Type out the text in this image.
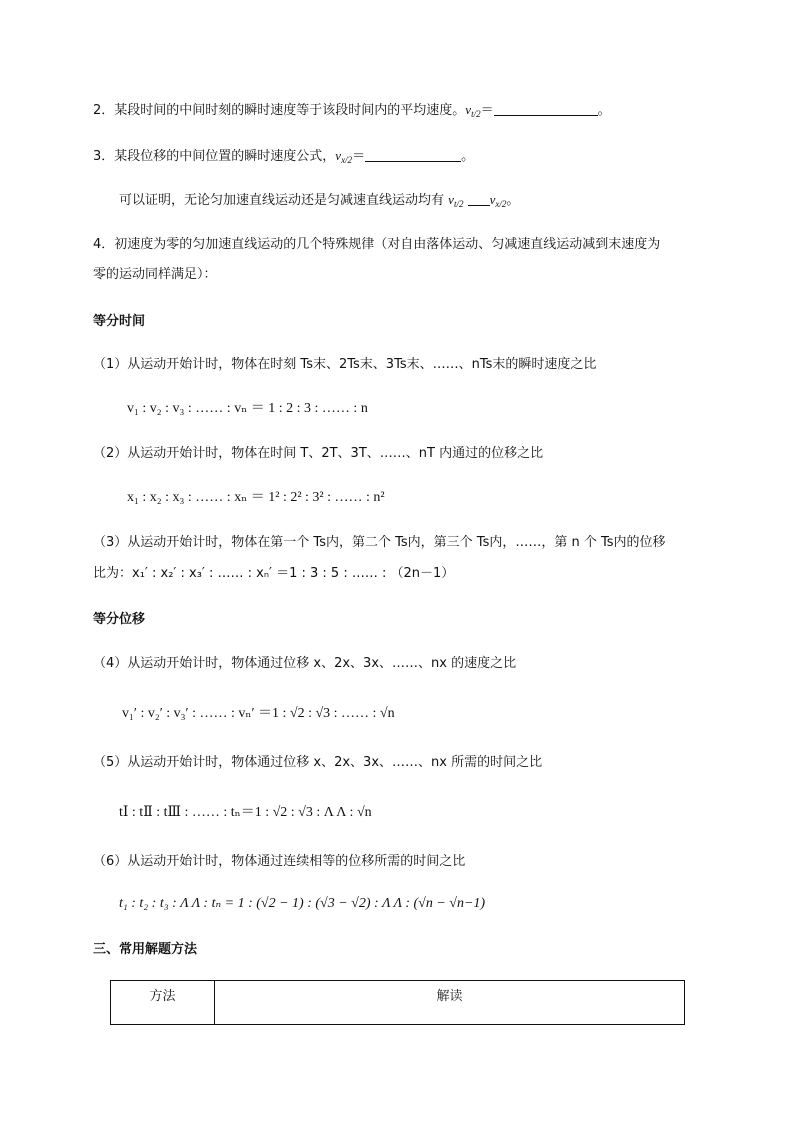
2．某段时间的中间时刻的瞬时速度等于该段时间内的平均速度。$v_{t/2}=$	。
3．某段位移的中间位置的瞬时速度公式，$v_{x/2}=$	。
可以证明，无论匀加速直线运动还是匀减速直线运动均有 $v_{t/2}$ $v_{x/2}$。
4．初速度为零的匀加速直线运动的几个特殊规律（对自由落体运动、匀减速直线运动减到末速度为
零的运动同样满足）：
等分时间
（1）从运动开始计时，物体在时刻 Ts末、2Ts末、3Ts末、……、nTs末的瞬时速度之比
v₁ : v₂ : v₃ : …… : vₙ ＝ 1 : 2 : 3 : …… : n
（2）从运动开始计时，物体在时间 T、2T、3T、……、nT 内通过的位移之比
x₁ : x₂ : x₃ : …… : xₙ ＝ 1² : 2² : 3² : …… : n²
（3）从运动开始计时，物体在第一个 Ts内，第二个 Ts内，第三个 Ts内，……，第 n 个 Ts内的位移
比为：x₁′ : x₂′ : x₃′ : …… : xₙ′ ＝1 : 3 : 5 : …… : （2n－1）
等分位移
（4）从运动开始计时，物体通过位移 x、2x、3x、……、nx 的速度之比
v₁′ : v₂′ : v₃′ : …… : vₙ′ ＝1 : √2 : √3 : …… : √n
（5）从运动开始计时，物体通过位移 x、2x、3x、……、nx 所需的时间之比
tⅠ : tⅡ : tⅢ : …… : tₙ＝1 : √2 : √3 : Λ Λ : √n
（6）从运动开始计时，物体通过连续相等的位移所需的时间之比
t₁ : t₂ : t₃ : Λ Λ : tₙ = 1 : (√2 − 1) : (√3 − √2) : Λ Λ : (√n − √n−1)
三、常用解题方法
方法	解读
